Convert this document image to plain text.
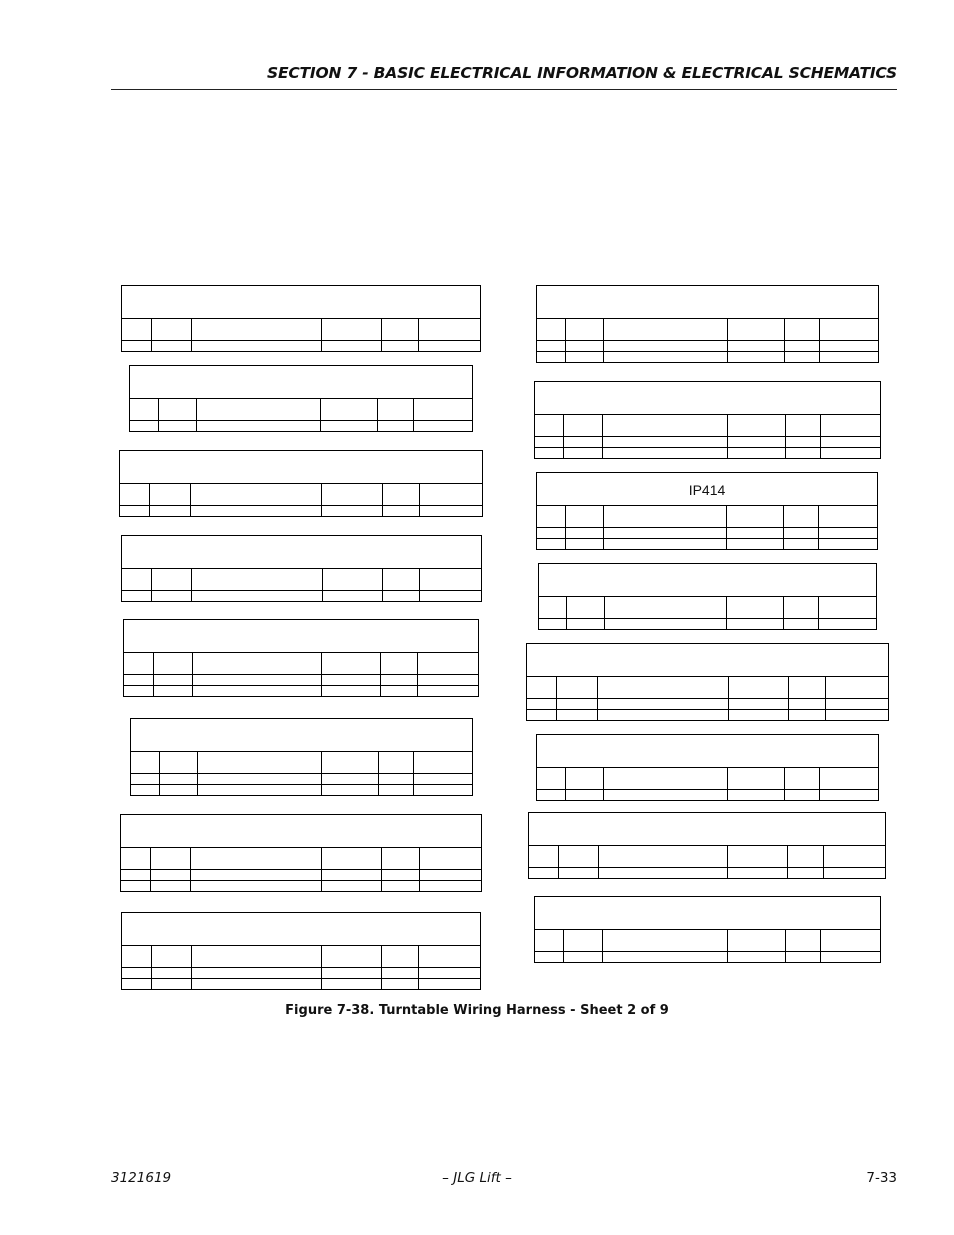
SECTION 7 - BASIC ELECTRICAL INFORMATION & ELECTRICAL SCHEMATICS
IP414
Figure 7-38. Turntable Wiring Harness - Sheet 2 of 9
3121619	– JLG Lift –	7-33
